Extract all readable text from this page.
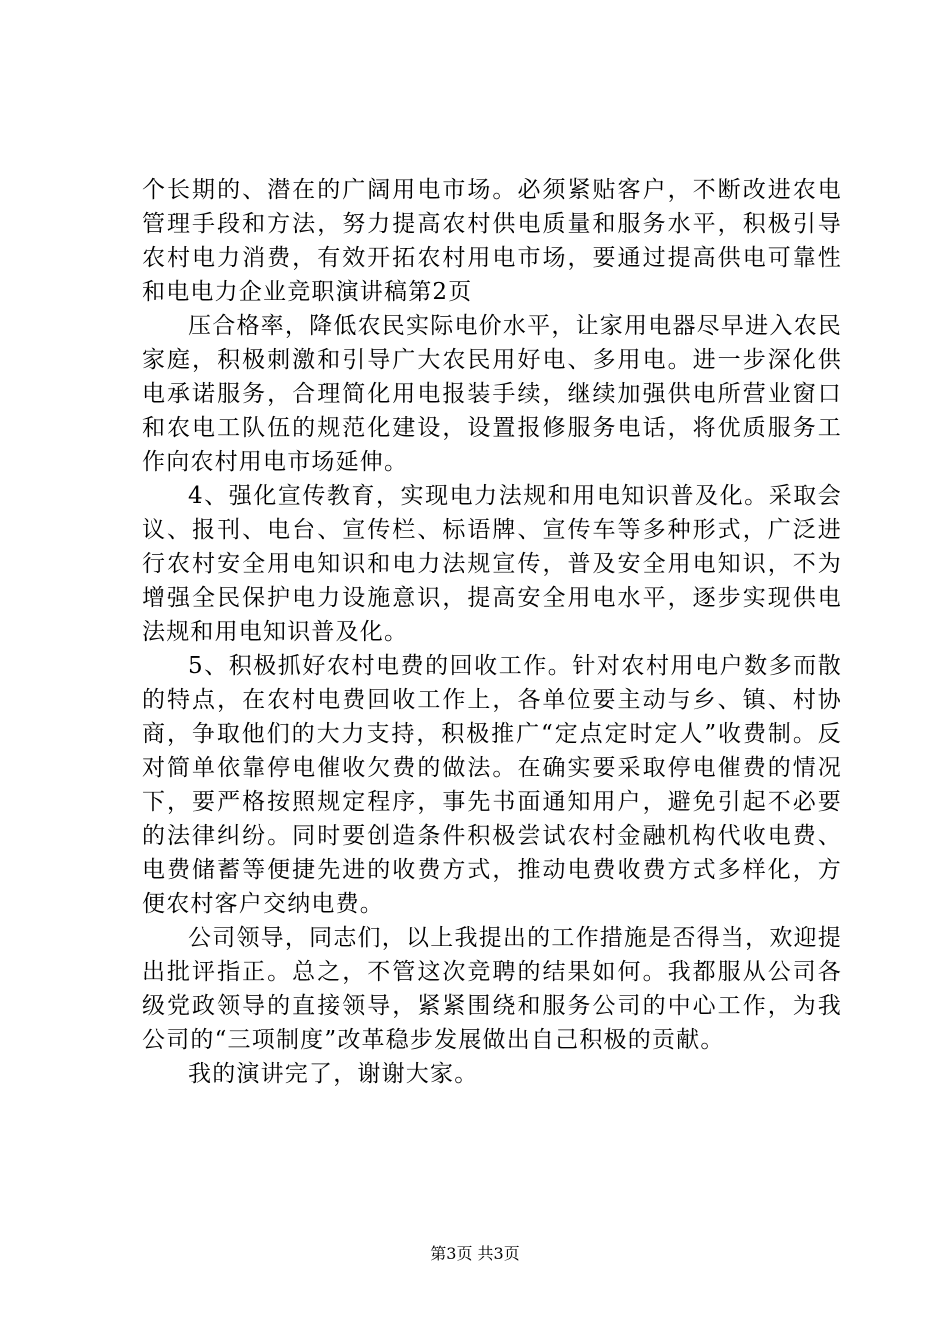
个长期的、潜在的广阔用电市场。必须紧贴客户，不断改进农电管理手段和方法，努力提高农村供电质量和服务水平，积极引导农村电力消费，有效开拓农村用电市场，要通过提高供电可靠性和电电力企业竞职演讲稿第2页

压合格率，降低农民实际电价水平，让家用电器尽早进入农民家庭，积极刺激和引导广大农民用好电、多用电。进一步深化供电承诺服务，合理简化用电报装手续，继续加强供电所营业窗口和农电工队伍的规范化建设，设置报修服务电话，将优质服务工作向农村用电市场延伸。

4、强化宣传教育，实现电力法规和用电知识普及化。采取会议、报刊、电台、宣传栏、标语牌、宣传车等多种形式，广泛进行农村安全用电知识和电力法规宣传，普及安全用电知识，不为增强全民保护电力设施意识，提高安全用电水平，逐步实现供电法规和用电知识普及化。

5、积极抓好农村电费的回收工作。针对农村用电户数多而散的特点，在农村电费回收工作上，各单位要主动与乡、镇、村协商，争取他们的大力支持，积极推广“定点定时定人”收费制。反对简单依靠停电催收欠费的做法。在确实要采取停电催费的情况下，要严格按照规定程序，事先书面通知用户，避免引起不必要的法律纠纷。同时要创造条件积极尝试农村金融机构代收电费、电费储蓄等便捷先进的收费方式，推动电费收费方式多样化，方便农村客户交纳电费。

公司领导，同志们，以上我提出的工作措施是否得当，欢迎提出批评指正。总之，不管这次竞聘的结果如何。我都服从公司各级党政领导的直接领导，紧紧围绕和服务公司的中心工作，为我公司的“三项制度”改革稳步发展做出自己积极的贡献。

我的演讲完了，谢谢大家。

第3页 共3页
